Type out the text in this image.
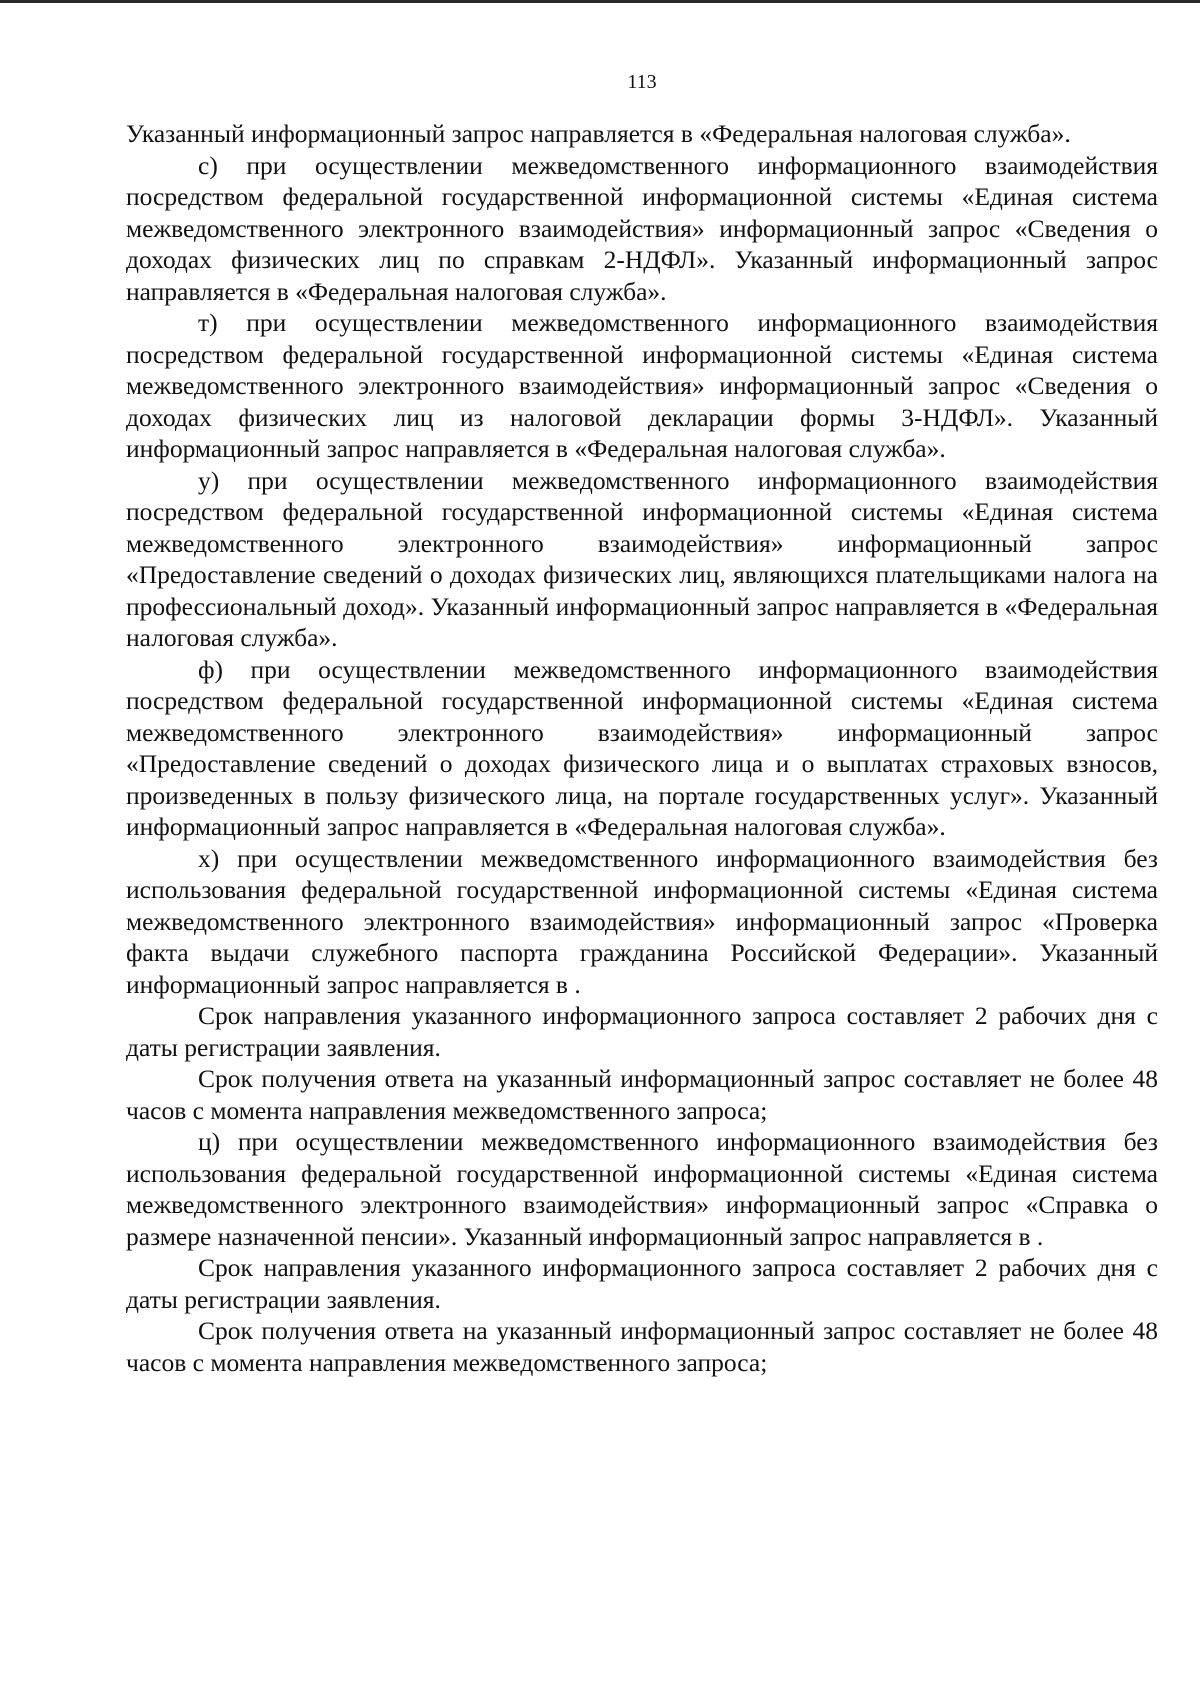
113

Указанный информационный запрос направляется в «Федеральная налоговая служба».

с) при осуществлении межведомственного информационного взаимодействия посредством федеральной государственной информационной системы «Единая система межведомственного электронного взаимодействия» информационный запрос «Сведения о доходах физических лиц по справкам 2-НДФЛ». Указанный информационный запрос направляется в «Федеральная налоговая служба».

т) при осуществлении межведомственного информационного взаимодействия посредством федеральной государственной информационной системы «Единая система межведомственного электронного взаимодействия» информационный запрос «Сведения о доходах физических лиц из налоговой декларации формы 3-НДФЛ». Указанный информационный запрос направляется в «Федеральная налоговая служба».

у) при осуществлении межведомственного информационного взаимодействия посредством федеральной государственной информационной системы «Единая система межведомственного электронного взаимодействия» информационный запрос «Предоставление сведений о доходах физических лиц, являющихся плательщиками налога на профессиональный доход». Указанный информационный запрос направляется в «Федеральная налоговая служба».

ф) при осуществлении межведомственного информационного взаимодействия посредством федеральной государственной информационной системы «Единая система межведомственного электронного взаимодействия» информационный запрос «Предоставление сведений о доходах физического лица и о выплатах страховых взносов, произведенных в пользу физического лица, на портале государственных услуг». Указанный информационный запрос направляется в «Федеральная налоговая служба».

х) при осуществлении межведомственного информационного взаимодействия без использования федеральной государственной информационной системы «Единая система межведомственного электронного взаимодействия» информационный запрос «Проверка факта выдачи служебного паспорта гражданина Российской Федерации». Указанный информационный запрос направляется в .

Срок направления указанного информационного запроса составляет 2 рабочих дня с даты регистрации заявления.

Срок получения ответа на указанный информационный запрос составляет не более 48 часов с момента направления межведомственного запроса;

ц) при осуществлении межведомственного информационного взаимодействия без использования федеральной государственной информационной системы «Единая система межведомственного электронного взаимодействия» информационный запрос «Справка о размере назначенной пенсии». Указанный информационный запрос направляется в .

Срок направления указанного информационного запроса составляет 2 рабочих дня с даты регистрации заявления.

Срок получения ответа на указанный информационный запрос составляет не более 48 часов с момента направления межведомственного запроса;
